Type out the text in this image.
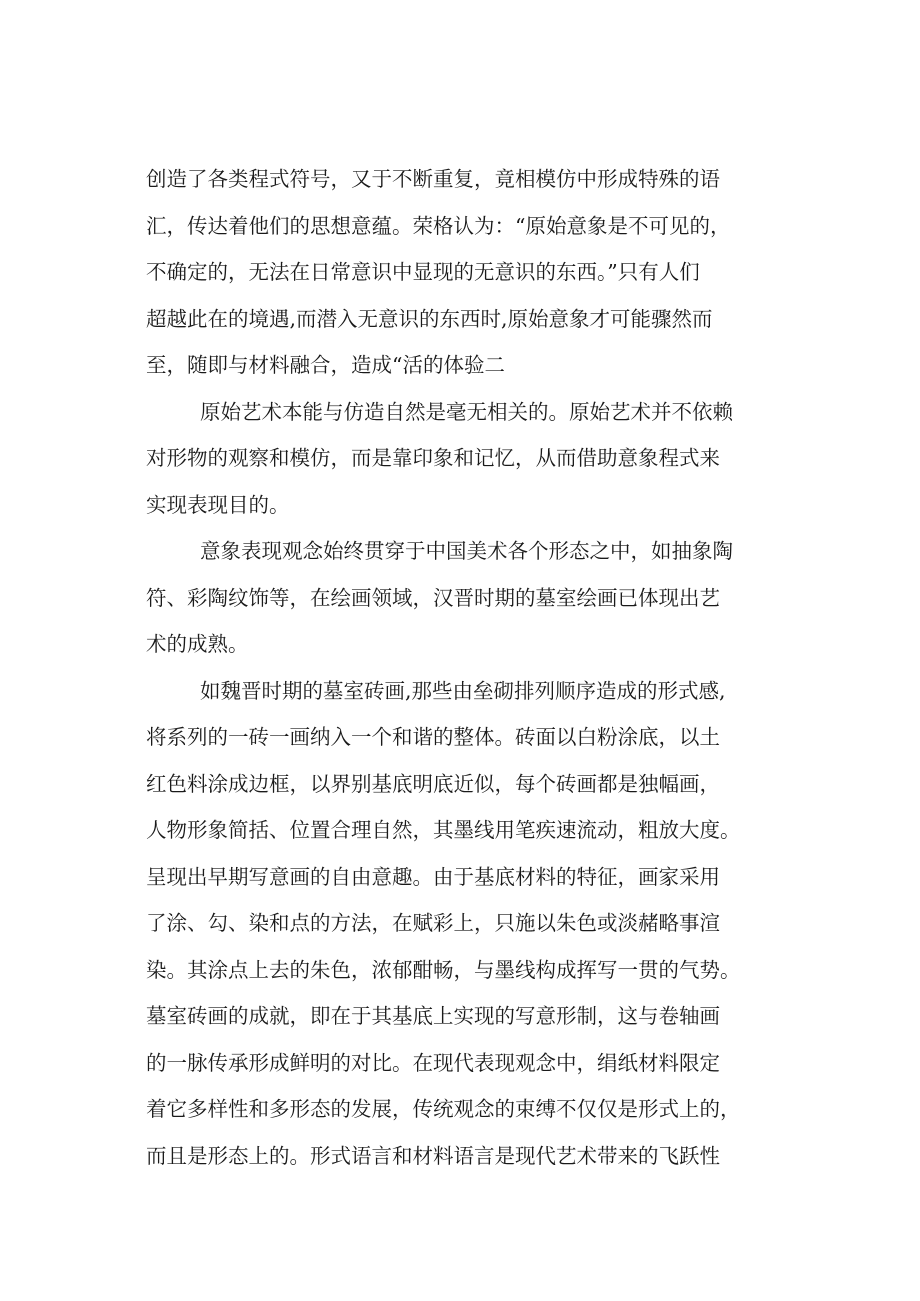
创造了各类程式符号，又于不断重复，竟相模仿中形成特殊的语
汇，传达着他们的思想意蕴。荣格认为：“原始意象是不可见的，
不确定的，无法在日常意识中显现的无意识的东西。”只有人们
超越此在的境遇,而潜入无意识的东西时,原始意象才可能骤然而
至，随即与材料融合，造成“活的体验二
原始艺术本能与仿造自然是毫无相关的。原始艺术并不依赖
对形物的观察和模仿，而是靠印象和记忆，从而借助意象程式来
实现表现目的。
意象表现观念始终贯穿于中国美术各个形态之中，如抽象陶
符、彩陶纹饰等，在绘画领域，汉晋时期的墓室绘画已体现出艺
术的成熟。
如魏晋时期的墓室砖画,那些由垒砌排列顺序造成的形式感,
将系列的一砖一画纳入一个和谐的整体。砖面以白粉涂底，以土
红色料涂成边框，以界别基底明底近似，每个砖画都是独幅画，
人物形象简括、位置合理自然，其墨线用笔疾速流动，粗放大度。
呈现出早期写意画的自由意趣。由于基底材料的特征，画家采用
了涂、勾、染和点的方法，在赋彩上，只施以朱色或淡赭略事渲
染。其涂点上去的朱色，浓郁酣畅，与墨线构成挥写一贯的气势。
墓室砖画的成就，即在于其基底上实现的写意形制，这与卷轴画
的一脉传承形成鲜明的对比。在现代表现观念中，绢纸材料限定
着它多样性和多形态的发展，传统观念的束缚不仅仅是形式上的，
而且是形态上的。形式语言和材料语言是现代艺术带来的飞跃性
